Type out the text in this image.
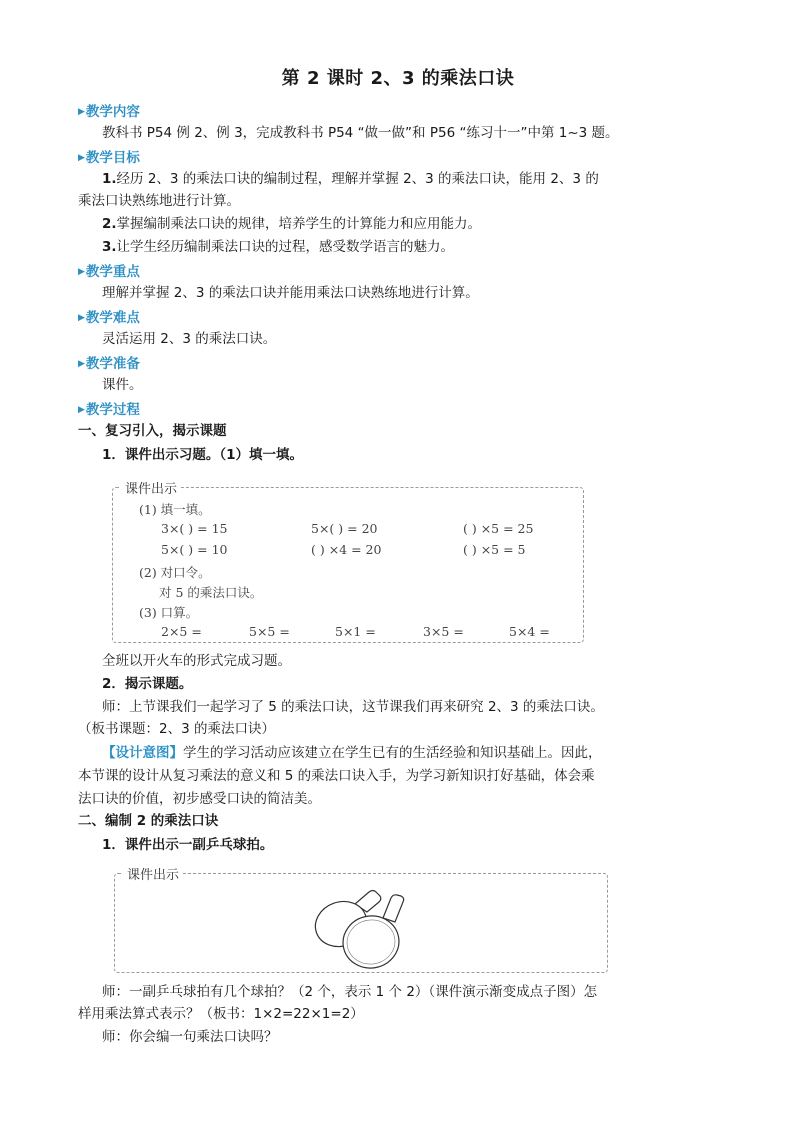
第 2 课时 2、3 的乘法口诀
▶教学内容
教科书 P54 例 2、例 3，完成教科书 P54 “做一做”和 P56 “练习十一”中第 1~3 题。
▶教学目标
1.经历 2、3 的乘法口诀的编制过程，理解并掌握 2、3 的乘法口诀，能用 2、3 的
乘法口诀熟练地进行计算。
2.掌握编制乘法口诀的规律，培养学生的计算能力和应用能力。
3.让学生经历编制乘法口诀的过程，感受数学语言的魅力。
▶教学重点
理解并掌握 2、3 的乘法口诀并能用乘法口诀熟练地进行计算。
▶教学难点
灵活运用 2、3 的乘法口诀。
▶教学准备
课件。
▶教学过程
一、复习引入，揭示课题
1．课件出示习题。（1）填一填。
课件出示
(1) 填一填。
3×( ) = 15	5×( ) = 20	( ) ×5 = 25
5×( ) = 10	( ) ×4 = 20	( ) ×5 = 5
(2) 对口令。
对 5 的乘法口诀。
(3) 口算。
2×5 =	5×5 =	5×1 =	3×5 =	5×4 =
全班以开火车的形式完成习题。
2．揭示课题。
师：上节课我们一起学习了 5 的乘法口诀，这节课我们再来研究 2、3 的乘法口诀。
（板书课题：2、3 的乘法口诀）
【设计意图】学生的学习活动应该建立在学生已有的生活经验和知识基础上。因此，
本节课的设计从复习乘法的意义和 5 的乘法口诀入手，为学习新知识打好基础，体会乘
法口诀的价值，初步感受口诀的简洁美。
二、编制 2 的乘法口诀
1．课件出示一副乒乓球拍。
课件出示
师：一副乒乓球拍有几个球拍？（2 个，表示 1 个 2）（课件演示渐变成点子图）怎
样用乘法算式表示？（板书：1×2=22×1=2）
师：你会编一句乘法口诀吗？
